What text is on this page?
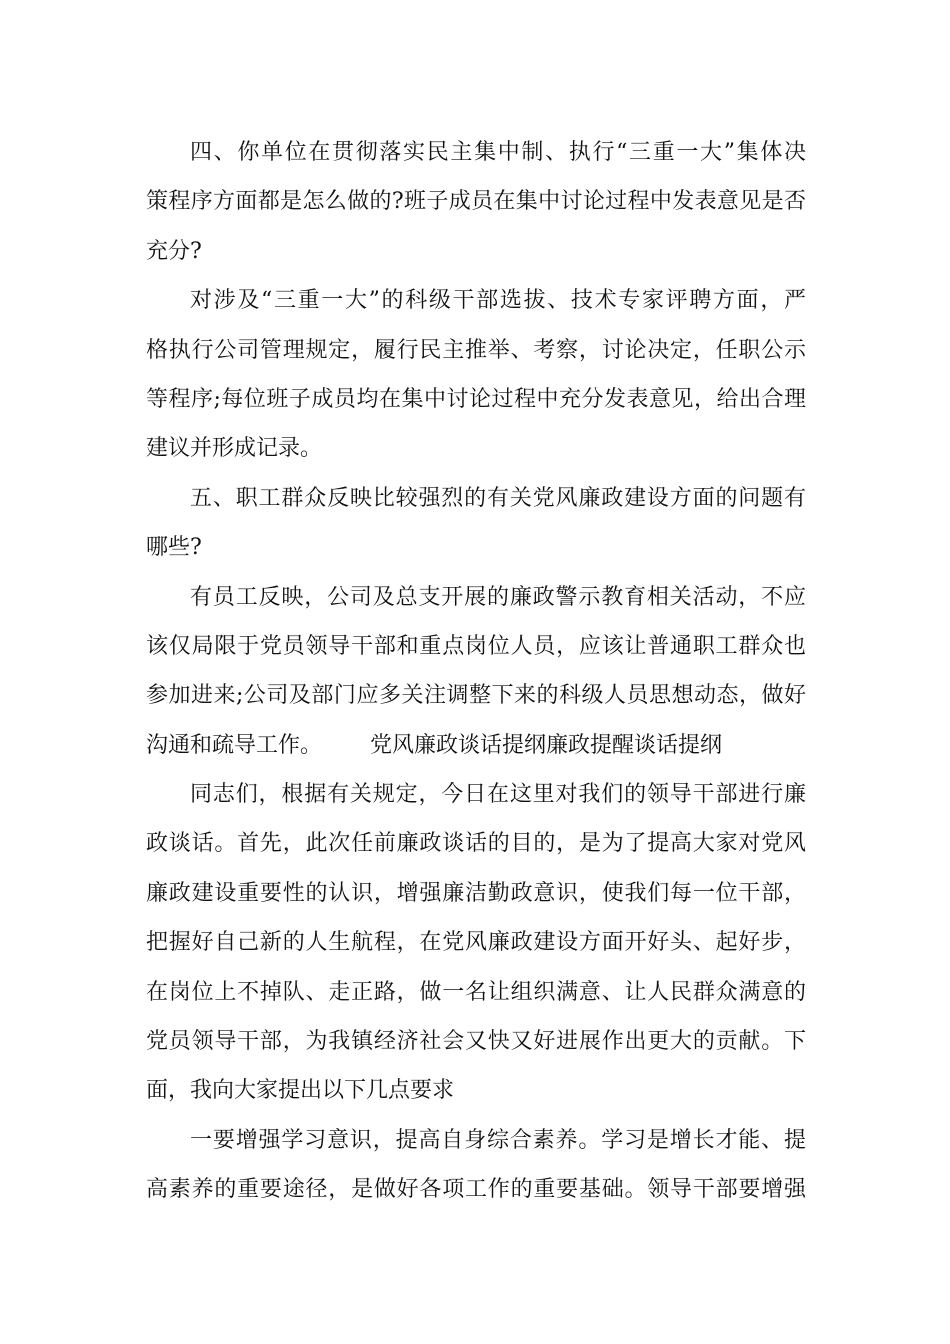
四、你单位在贯彻落实民主集中制、执行“三重一大”集体决
策程序方面都是怎么做的?班子成员在集中讨论过程中发表意见是否
充分?
对涉及“三重一大”的科级干部选拔、技术专家评聘方面，严
格执行公司管理规定，履行民主推举、考察，讨论决定，任职公示
等程序;每位班子成员均在集中讨论过程中充分发表意见，给出合理
建议并形成记录。
五、职工群众反映比较强烈的有关党风廉政建设方面的问题有
哪些?
有员工反映，公司及总支开展的廉政警示教育相关活动，不应
该仅局限于党员领导干部和重点岗位人员，应该让普通职工群众也
参加进来;公司及部门应多关注调整下来的科级人员思想动态，做好
沟通和疏导工作。 党风廉政谈话提纲廉政提醒谈话提纲
同志们，根据有关规定，今日在这里对我们的领导干部进行廉
政谈话。首先，此次任前廉政谈话的目的，是为了提高大家对党风
廉政建设重要性的认识，增强廉洁勤政意识，使我们每一位干部，
把握好自己新的人生航程，在党风廉政建设方面开好头、起好步，
在岗位上不掉队、走正路，做一名让组织满意、让人民群众满意的
党员领导干部，为我镇经济社会又快又好进展作出更大的贡献。下
面，我向大家提出以下几点要求
一要增强学习意识，提高自身综合素养。学习是增长才能、提
高素养的重要途径，是做好各项工作的重要基础。领导干部要增强
